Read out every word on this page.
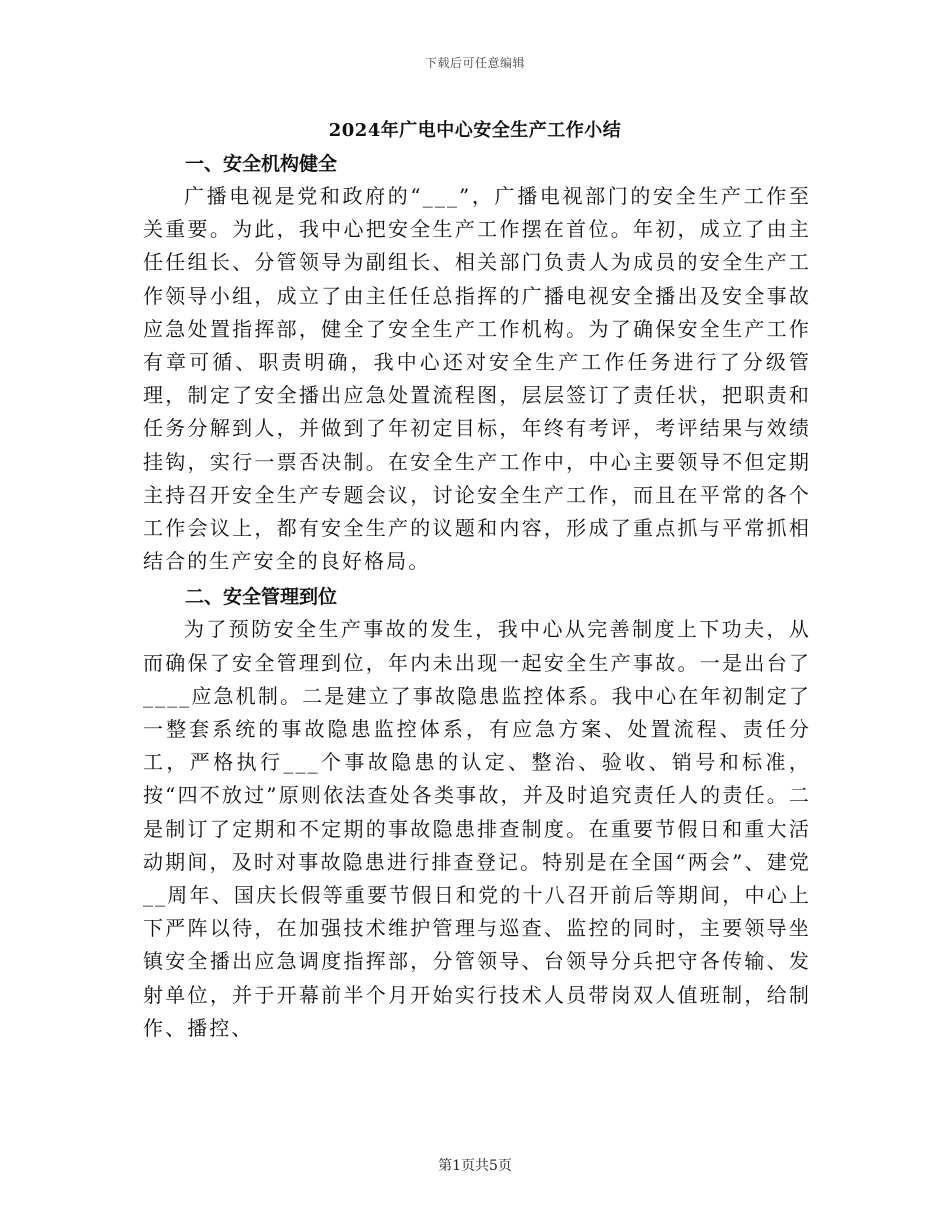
下载后可任意编辑
2024年广电中心安全生产工作小结
一、安全机构健全

广播电视是党和政府的“___”，广播电视部门的安全生产工作至关重要。为此，我中心把安全生产工作摆在首位。年初，成立了由主任任组长、分管领导为副组长、相关部门负责人为成员的安全生产工作领导小组，成立了由主任任总指挥的广播电视安全播出及安全事故应急处置指挥部，健全了安全生产工作机构。为了确保安全生产工作有章可循、职责明确，我中心还对安全生产工作任务进行了分级管理，制定了安全播出应急处置流程图，层层签订了责任状，把职责和任务分解到人，并做到了年初定目标，年终有考评，考评结果与效绩挂钩，实行一票否决制。在安全生产工作中，中心主要领导不但定期主持召开安全生产专题会议，讨论安全生产工作，而且在平常的各个工作会议上，都有安全生产的议题和内容，形成了重点抓与平常抓相结合的生产安全的良好格局。

二、安全管理到位

为了预防安全生产事故的发生，我中心从完善制度上下功夫，从而确保了安全管理到位，年内未出现一起安全生产事故。一是出台了____应急机制。二是建立了事故隐患监控体系。我中心在年初制定了一整套系统的事故隐患监控体系，有应急方案、处置流程、责任分工，严格执行___个事故隐患的认定、整治、验收、销号和标准，按“四不放过”原则依法查处各类事故，并及时追究责任人的责任。二是制订了定期和不定期的事故隐患排查制度。在重要节假日和重大活动期间，及时对事故隐患进行排查登记。特别是在全国“两会”、建党__周年、国庆长假等重要节假日和党的十八召开前后等期间，中心上下严阵以待，在加强技术维护管理与巡查、监控的同时，主要领导坐镇安全播出应急调度指挥部，分管领导、台领导分兵把守各传输、发射单位，并于开幕前半个月开始实行技术人员带岗双人值班制，给制作、播控、

第1页共5页
